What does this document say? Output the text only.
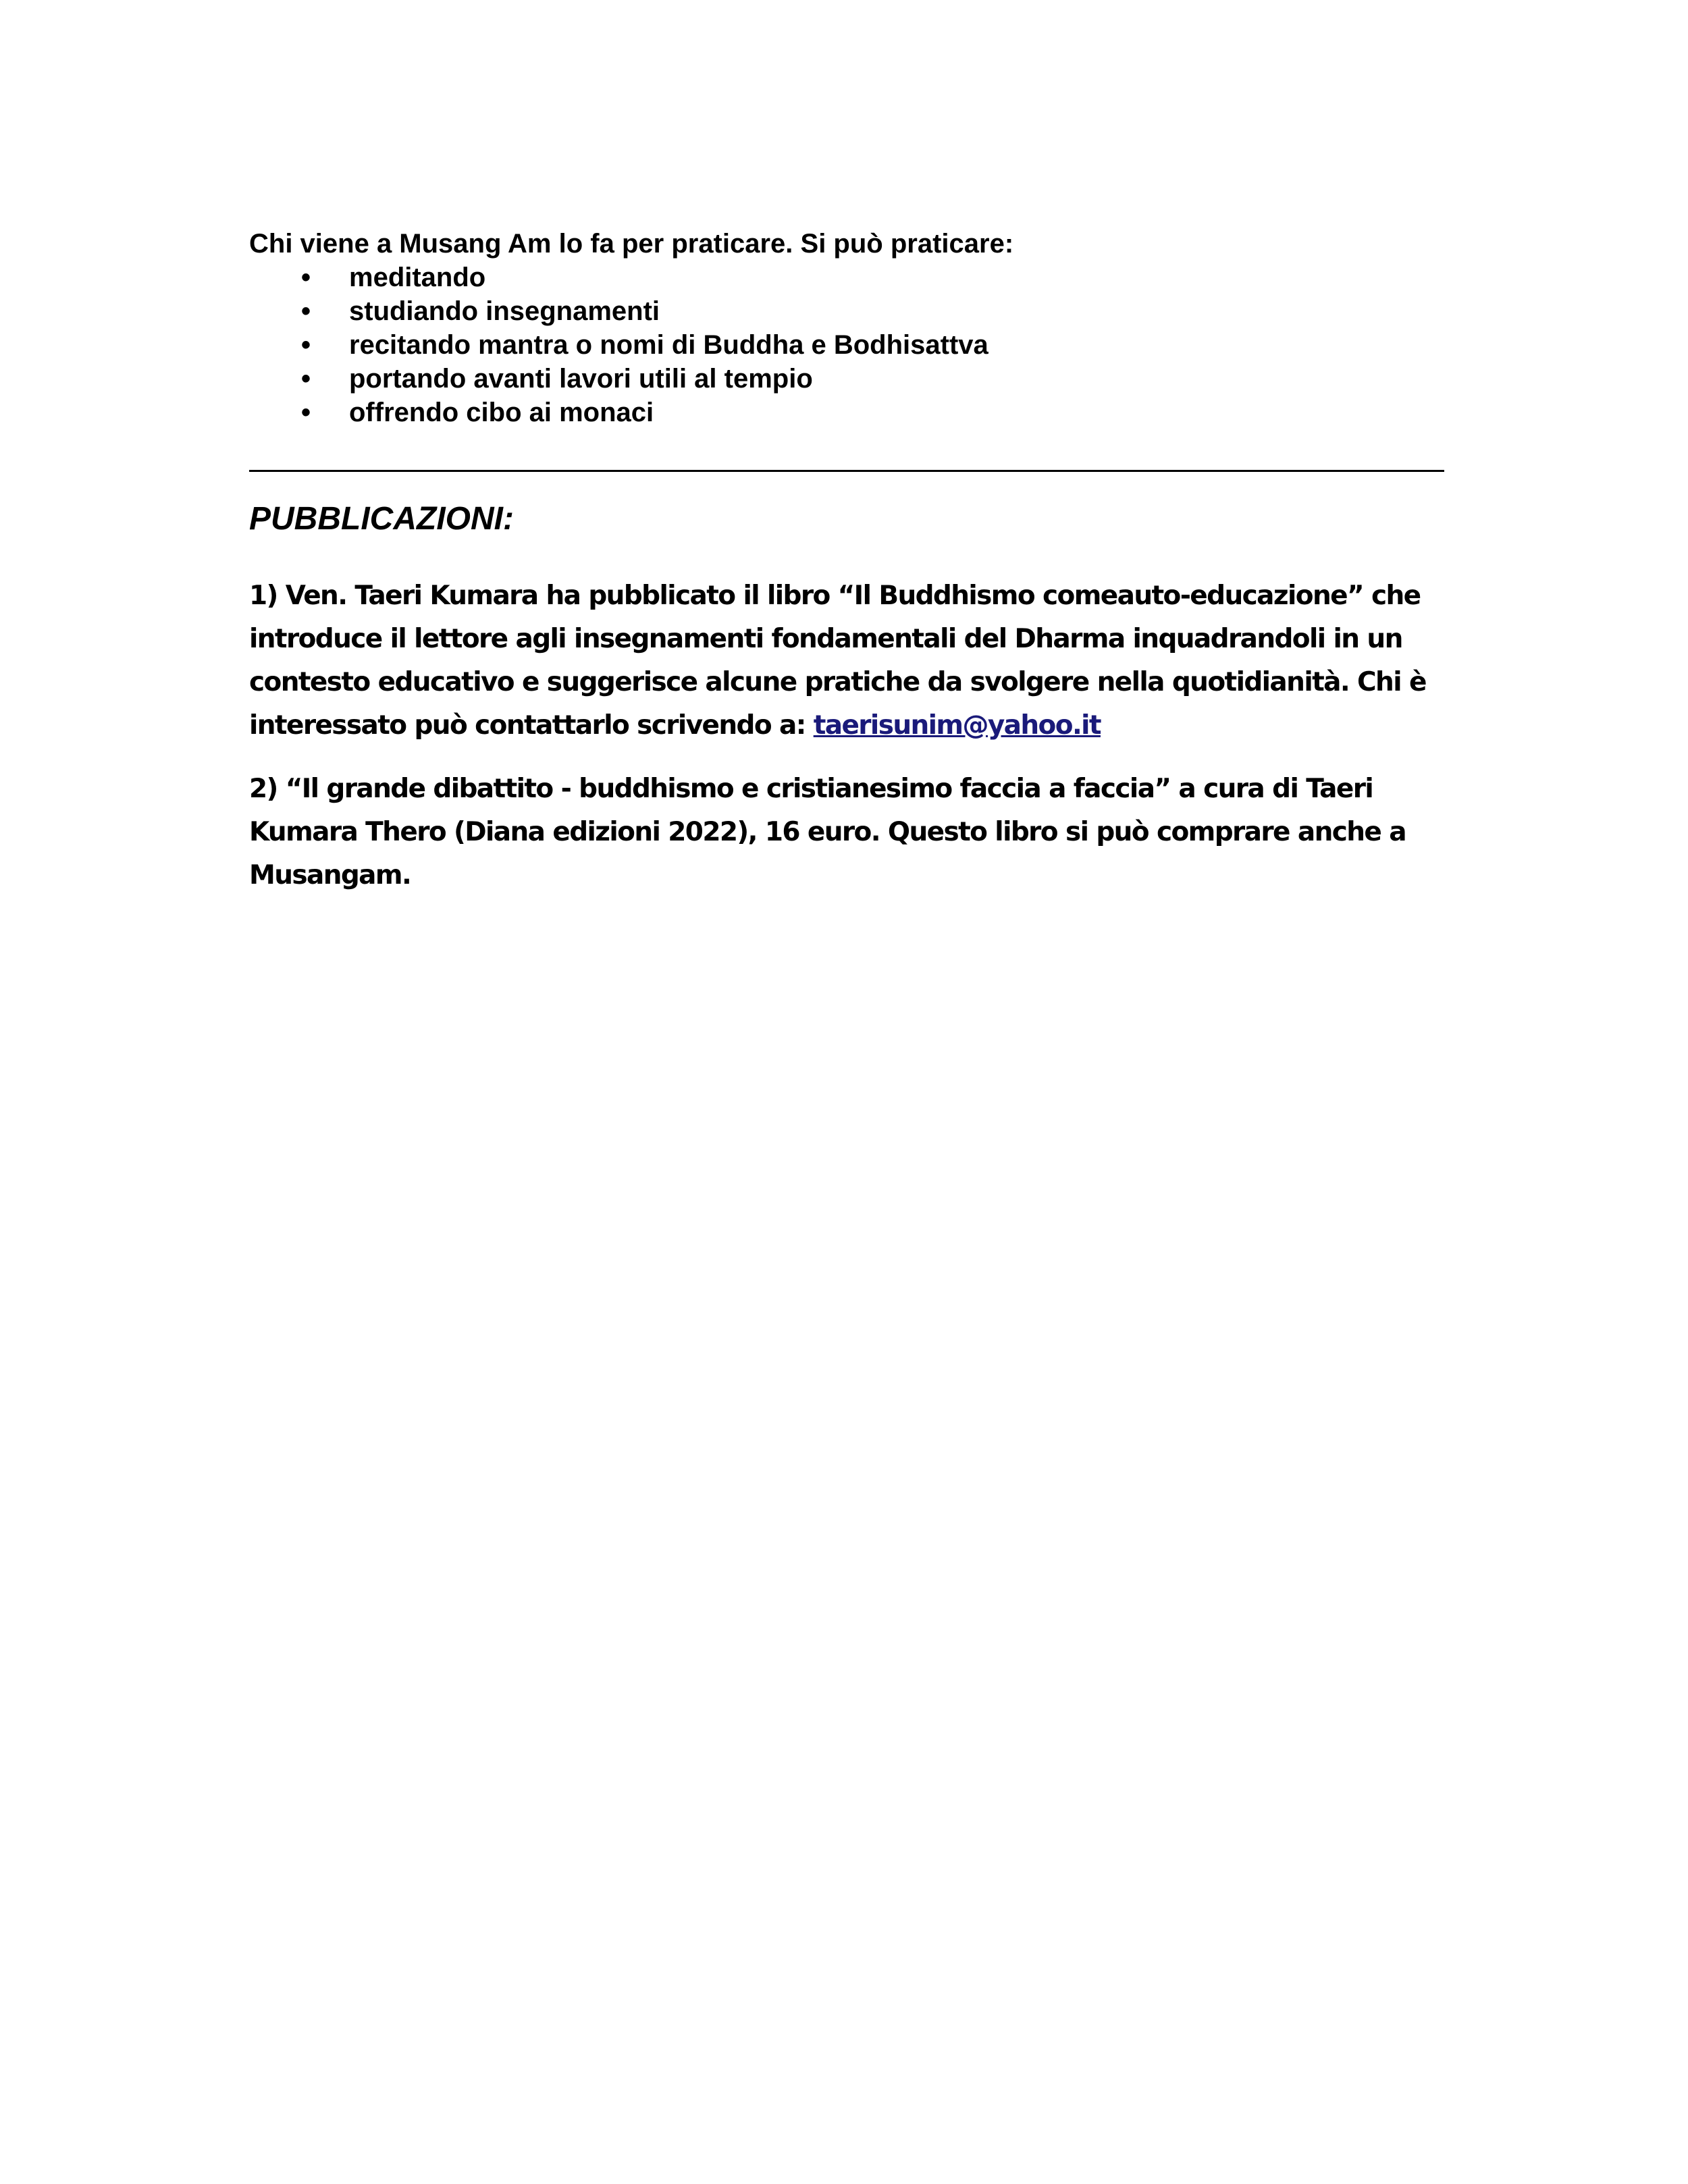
Chi viene a Musang Am lo fa per praticare. Si può praticare:

• meditando
• studiando insegnamenti
• recitando mantra o nomi di Buddha e Bodhisattva
• portando avanti lavori utili al tempio
• offrendo cibo ai monaci
PUBBLICAZIONI:

1) Ven. Taeri Kumara ha pubblicato il libro “Il Buddhismo comeauto-educazione” che introduce il lettore agli insegnamenti fondamentali del Dharma inquadrandoli in un contesto educativo e suggerisce alcune pratiche da svolgere nella quotidianità. Chi è interessato può contattarlo scrivendo a: taerisunim@yahoo.it

2) “Il grande dibattito - buddhismo e cristianesimo faccia a faccia” a cura di Taeri Kumara Thero (Diana edizioni 2022), 16 euro. Questo libro si può comprare anche a Musangam.
